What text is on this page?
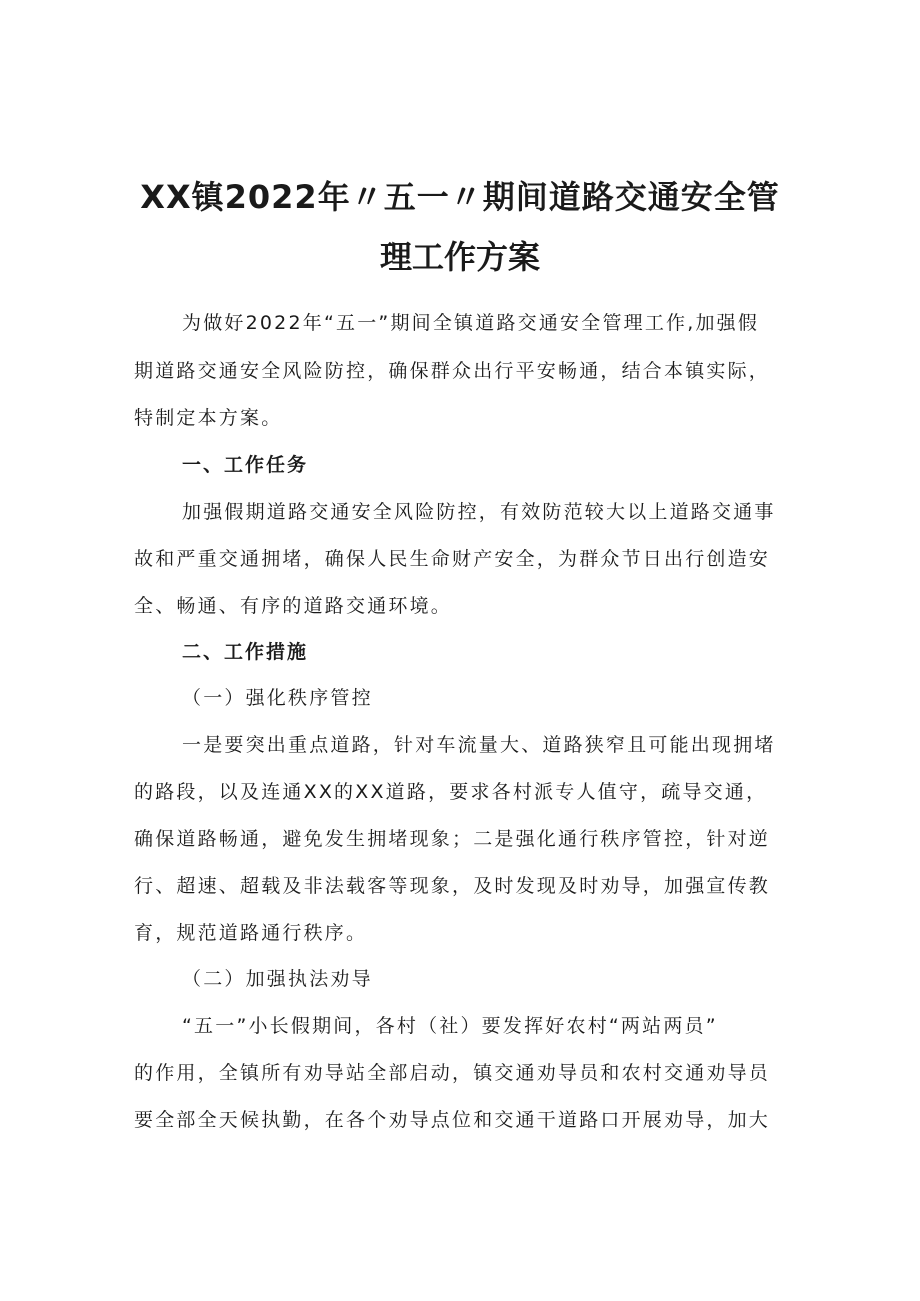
XX镇2022年〃五一〃期间道路交通安全管
理工作方案

为做好2022年“五一”期间全镇道路交通安全管理工作,加强假

期道路交通安全风险防控，确保群众出行平安畅通，结合本镇实际，

特制定本方案。

一、工作任务

加强假期道路交通安全风险防控，有效防范较大以上道路交通事

故和严重交通拥堵，确保人民生命财产安全，为群众节日出行创造安

全、畅通、有序的道路交通环境。

二、工作措施

（一）强化秩序管控

一是要突出重点道路，针对车流量大、道路狭窄且可能出现拥堵

的路段，以及连通XX的XX道路，要求各村派专人值守，疏导交通，

确保道路畅通，避免发生拥堵现象；二是强化通行秩序管控，针对逆

行、超速、超载及非法载客等现象，及时发现及时劝导，加强宣传教

育，规范道路通行秩序。

（二）加强执法劝导

“五一”小长假期间，各村（社）要发挥好农村“两站两员”

的作用，全镇所有劝导站全部启动，镇交通劝导员和农村交通劝导员

要全部全天候执勤，在各个劝导点位和交通干道路口开展劝导，加大
